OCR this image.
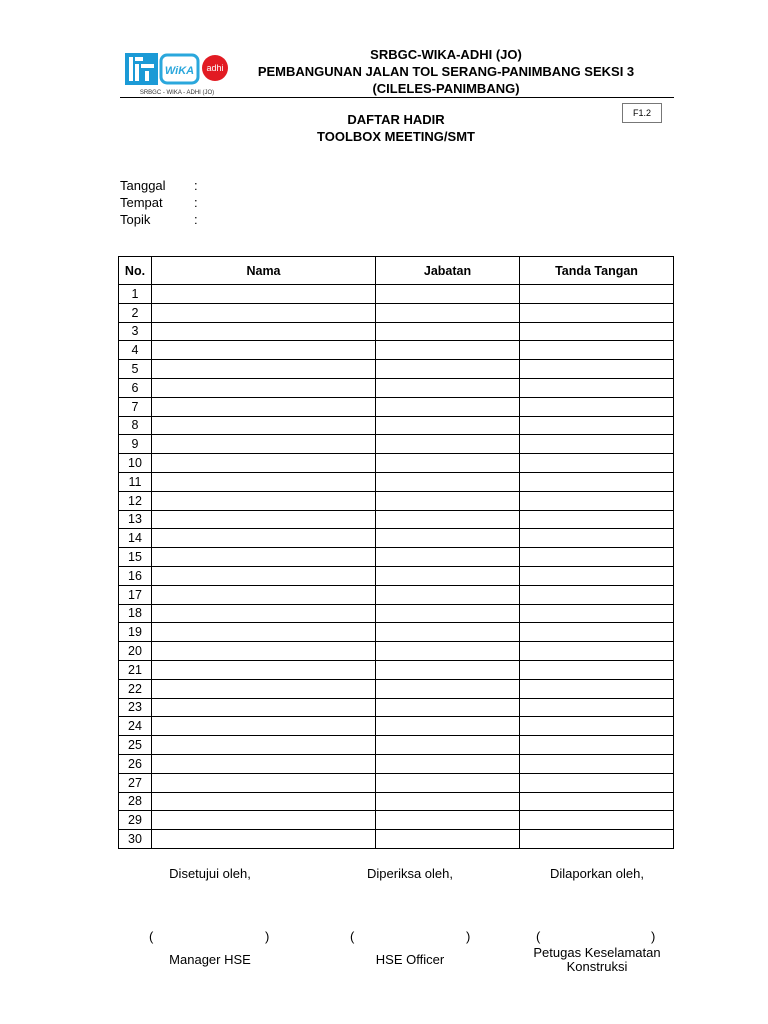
WiKA adhi
SRBGC - WIKA - ADHI (JO)
SRBGC-WIKA-ADHI (JO)
PEMBANGUNAN JALAN TOL SERANG-PANIMBANG SEKSI 3
(CILELES-PANIMBANG)
F1.2
DAFTAR HADIR
TOOLBOX MEETING/SMT
Tanggal :
Tempat :
Topik	:
No.	Nama	Jabatan	Tanda Tangan
1			
2			
3			
4			
5			
6			
7			
8			
9			
10			
11			
12			
13			
14			
15			
16			
17			
18			
19			
20			
21			
22			
23			
24			
25			
26			
27			
28			
29			
30			
Disetujui oleh,	Diperiksa oleh,	Dilaporkan oleh,
(	)	(	)	(	)
Manager HSE	HSE Officer	Petugas Keselamatan Konstruksi
